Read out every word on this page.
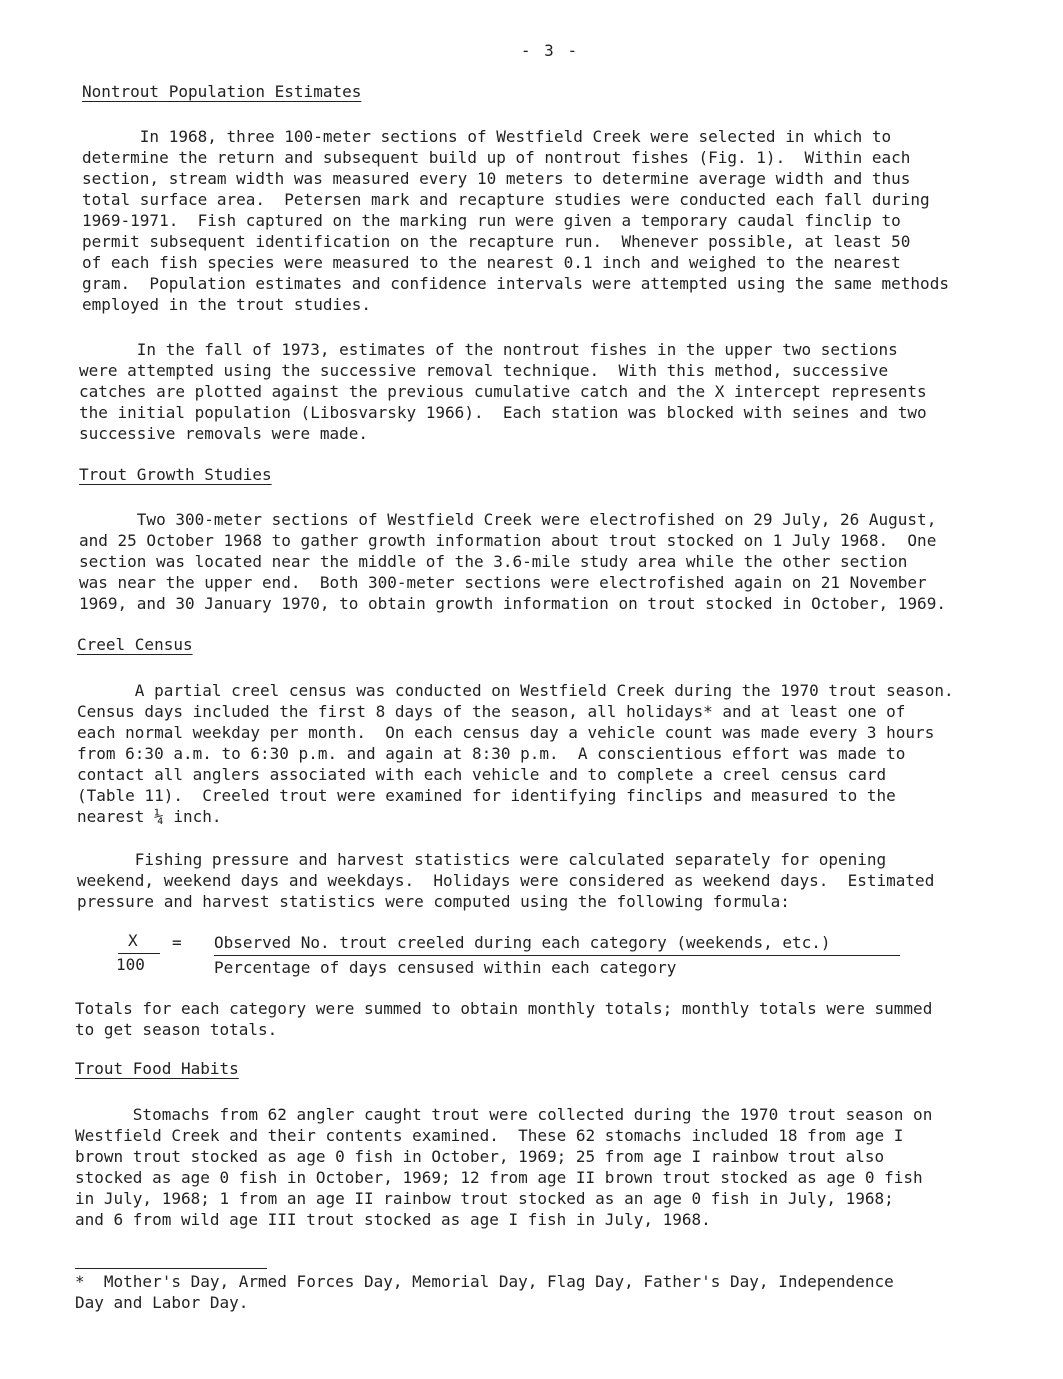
- 3 -
Nontrout Population Estimates

In 1968, three 100-meter sections of Westfield Creek were selected in which to
determine the return and subsequent build up of nontrout fishes (Fig. 1).  Within each
section, stream width was measured every 10 meters to determine average width and thus
total surface area.  Petersen mark and recapture studies were conducted each fall during
1969-1971.  Fish captured on the marking run were given a temporary caudal finclip to
permit subsequent identification on the recapture run.  Whenever possible, at least 50
of each fish species were measured to the nearest 0.1 inch and weighed to the nearest
gram.  Population estimates and confidence intervals were attempted using the same methods
employed in the trout studies.

In the fall of 1973, estimates of the nontrout fishes in the upper two sections
were attempted using the successive removal technique.  With this method, successive
catches are plotted against the previous cumulative catch and the X intercept represents
the initial population (Libosvarsky 1966).  Each station was blocked with seines and two
successive removals were made.

Trout Growth Studies

Two 300-meter sections of Westfield Creek were electrofished on 29 July, 26 August,
and 25 October 1968 to gather growth information about trout stocked on 1 July 1968.  One
section was located near the middle of the 3.6-mile study area while the other section
was near the upper end.  Both 300-meter sections were electrofished again on 21 November
1969, and 30 January 1970, to obtain growth information on trout stocked in October, 1969.

Creel Census

A partial creel census was conducted on Westfield Creek during the 1970 trout season.
Census days included the first 8 days of the season, all holidays* and at least one of
each normal weekday per month.  On each census day a vehicle count was made every 3 hours
from 6:30 a.m. to 6:30 p.m. and again at 8:30 p.m.  A conscientious effort was made to
contact all anglers associated with each vehicle and to complete a creel census card
(Table 11).  Creeled trout were examined for identifying finclips and measured to the
nearest ¼ inch.

Fishing pressure and harvest statistics were calculated separately for opening
weekend, weekend days and weekdays.  Holidays were considered as weekend days.  Estimated
pressure and harvest statistics were computed using the following formula:

X
100
= Observed No. trout creeled during each category (weekends, etc.)
Percentage of days censused within each category

Totals for each category were summed to obtain monthly totals; monthly totals were summed
to get season totals.

Trout Food Habits

Stomachs from 62 angler caught trout were collected during the 1970 trout season on
Westfield Creek and their contents examined.  These 62 stomachs included 18 from age I
brown trout stocked as age 0 fish in October, 1969; 25 from age I rainbow trout also
stocked as age 0 fish in October, 1969; 12 from age II brown trout stocked as age 0 fish
in July, 1968; 1 from an age II rainbow trout stocked as an age 0 fish in July, 1968;
and 6 from wild age III trout stocked as age I fish in July, 1968.

*  Mother's Day, Armed Forces Day, Memorial Day, Flag Day, Father's Day, Independence
Day and Labor Day.
